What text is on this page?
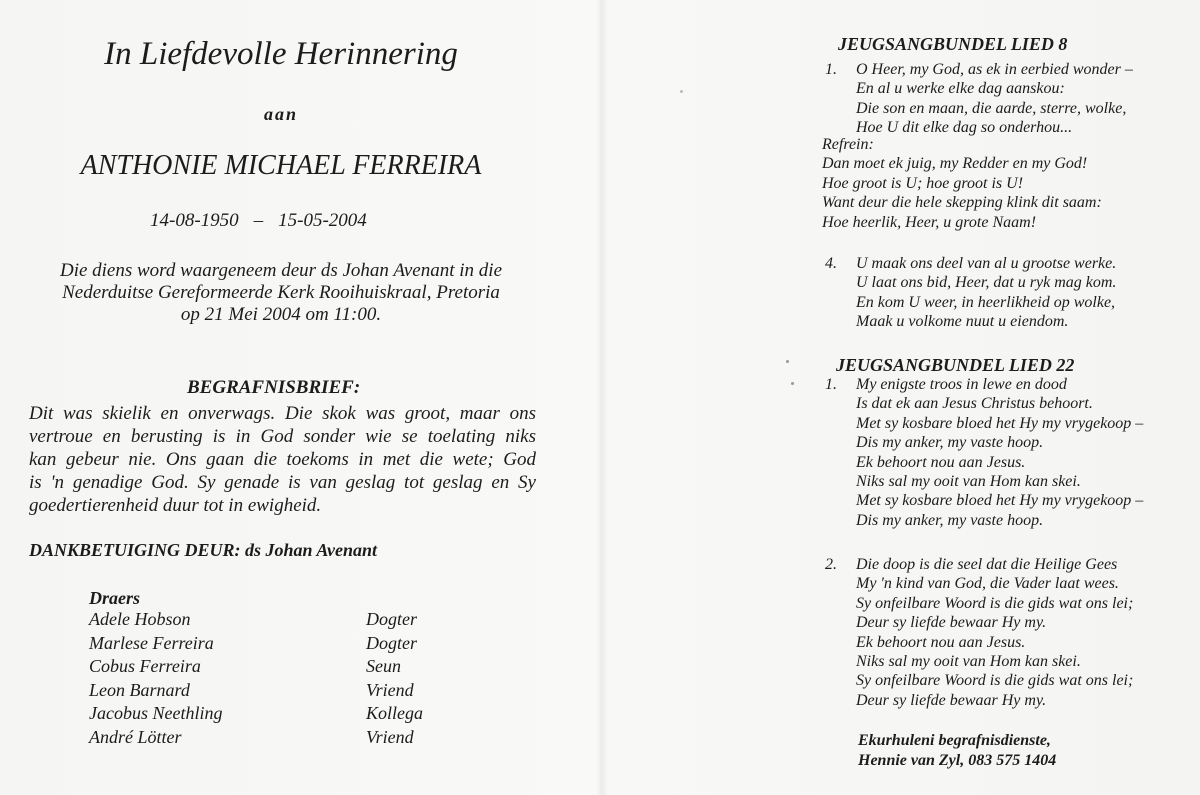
In Liefdevolle Herinnering
aan
ANTHONIE MICHAEL FERREIRA
14-08-1950 – 15-05-2004
Die diens word waargeneem deur ds Johan Avenant in die
Nederduitse Gereformeerde Kerk Rooihuiskraal, Pretoria
op 21 Mei 2004 om 11:00.
BEGRAFNISBRIEF:
Dit was skielik en onverwags. Die skok was groot, maar ons
vertroue en berusting is in God sonder wie se toelating niks
kan gebeur nie. Ons gaan die toekoms in met die wete; God
is 'n genadige God. Sy genade is van geslag tot geslag en Sy
goedertierenheid duur tot in ewigheid.
DANKBETUIGING DEUR: ds Johan Avenant
Draers
Adele Hobson	Dogter
Marlese Ferreira	Dogter
Cobus Ferreira	Seun
Leon Barnard	Vriend
Jacobus Neethling	Kollega
André Lötter	Vriend
JEUGSANGBUNDEL LIED 8
1. O Heer, my God, as ek in eerbied wonder –
En al u werke elke dag aanskou:
Die son en maan, die aarde, sterre, wolke,
Hoe U dit elke dag so onderhou...
Refrein:
Dan moet ek juig, my Redder en my God!
Hoe groot is U; hoe groot is U!
Want deur die hele skepping klink dit saam:
Hoe heerlik, Heer, u grote Naam!
4. U maak ons deel van al u grootse werke.
U laat ons bid, Heer, dat u ryk mag kom.
En kom U weer, in heerlikheid op wolke,
Maak u volkome nuut u eiendom.
JEUGSANGBUNDEL LIED 22
1. My enigste troos in lewe en dood
Is dat ek aan Jesus Christus behoort.
Met sy kosbare bloed het Hy my vrygekoop –
Dis my anker, my vaste hoop.
Ek behoort nou aan Jesus.
Niks sal my ooit van Hom kan skei.
Met sy kosbare bloed het Hy my vrygekoop –
Dis my anker, my vaste hoop.
2. Die doop is die seel dat die Heilige Gees
My 'n kind van God, die Vader laat wees.
Sy onfeilbare Woord is die gids wat ons lei;
Deur sy liefde bewaar Hy my.
Ek behoort nou aan Jesus.
Niks sal my ooit van Hom kan skei.
Sy onfeilbare Woord is die gids wat ons lei;
Deur sy liefde bewaar Hy my.
Ekurhuleni begrafnisdienste,
Hennie van Zyl, 083 575 1404
